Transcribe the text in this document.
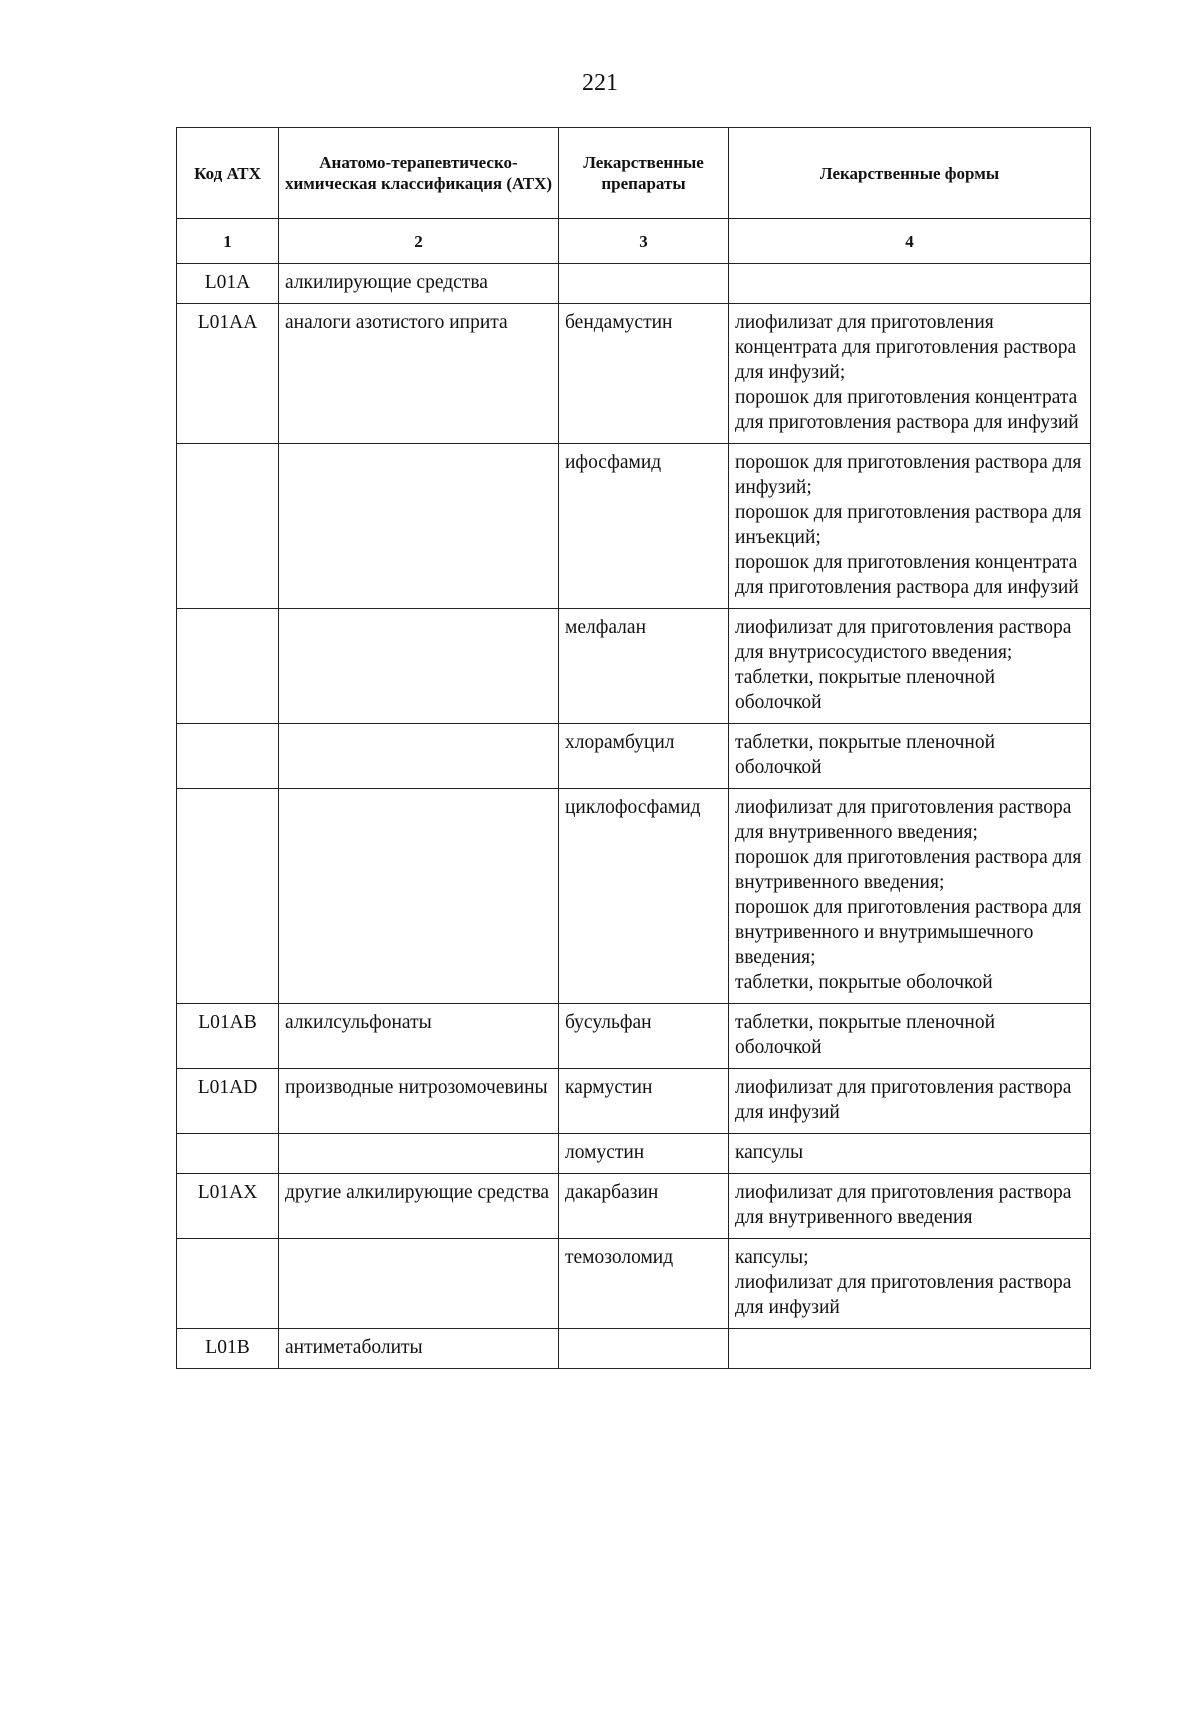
221
Код АТХ	Анатомо-терапевтическо-химическая классификация (АТХ)	Лекарственные препараты	Лекарственные формы
1	2	3	4
L01A	алкилирующие средства		
L01AA	аналоги азотистого иприта	бендамустин	лиофилизат для приготовления концентрата для приготовления раствора для инфузий;
порошок для приготовления концентрата для приготовления раствора для инфузий

		ифосфамид	порошок для приготовления раствора для инфузий;
порошок для приготовления раствора для инъекций;
порошок для приготовления концентрата для приготовления раствора для инфузий

		мелфалан	лиофилизат для приготовления раствора для внутрисосудистого введения;
таблетки, покрытые пленочной оболочкой

		хлорамбуцил	таблетки, покрытые пленочной оболочкой

		циклофосфамид	лиофилизат для приготовления раствора для внутривенного введения;
порошок для приготовления раствора для внутривенного введения;
порошок для приготовления раствора для внутривенного и внутримышечного введения;
таблетки, покрытые оболочкой

L01AB	алкилсульфонаты	бусульфан	таблетки, покрытые пленочной оболочкой

L01AD	производные нитрозомочевины	кармустин	лиофилизат для приготовления раствора для инфузий

		ломустин	капсулы

L01AX	другие алкилирующие средства	дакарбазин	лиофилизат для приготовления раствора для внутривенного введения

		темозоломид	капсулы;
лиофилизат для приготовления раствора для инфузий

L01B	антиметаболиты		
